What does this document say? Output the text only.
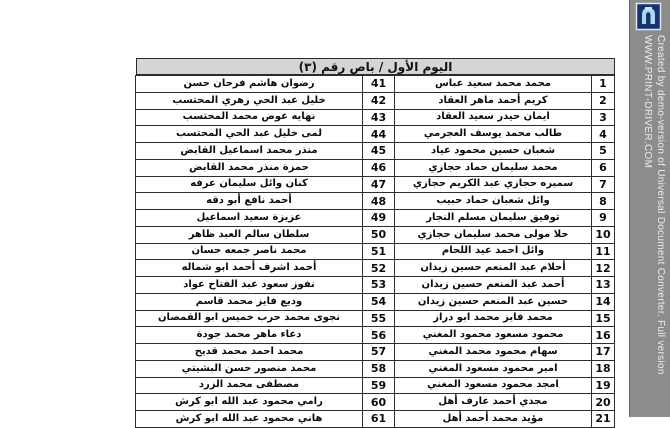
اليوم الأول / باص رقم (٣)
1	محمد محمد سعيد عباس	41	رضوان هاشم فرحان حسن
2	كريم أحمد ماهر العقاد	42	خليل عبد الحي زهري المحتسب
3	ايمان حيدر سعيد العقاد	43	نهايه عوض محمد المحتسب
4	طالب محمد يوسف العجرمي	44	لمى خليل عبد الحي المحتسب
5	شعبان حسين محمود عياد	45	منذر محمد اسماعيل القابض
6	محمد سليمان حماد حجازي	46	حمزة منذر محمد القابض
7	سميره حجازي عبد الكريم حجازي	47	كنان وائل سليمان عرفه
8	وائل شعبان حماد حبيب	48	أحمد نافع أبو دقه
9	توفيق سليمان مسلم النجار	49	عزيزة سعيد اسماعيل
10	حلا مولى محمد سليمان حجازي	50	سلطان سالم العبد ظاهر
11	وائل احمد عيد اللحام	51	محمد ناصر جمعه حسان
12	أحلام عبد المنعم حسين زيدان	52	أحمد اشرف أحمد ابو شماله
13	أحمد عبد المنعم حسين زيدان	53	نفوز سعود عبد الفتاح عواد
14	حسين عبد المنعم حسين زيدان	54	وديع فايز محمد قاسم
15	محمد فايز محمد ابو دراز	55	نجوى محمد حرب خميس ابو القمصان
16	محمود مسعود محمود المغني	56	دعاء ماهر محمد جودة
17	سهام محمود محمد المغني	57	محمد احمد محمد قديح
18	امير محمود مسعود المغني	58	محمد منصور حسن البشيتي
19	امجد محمود مسعود المغني	59	مصطفى محمد الزرد
20	مجدي أحمد عارف أهل	60	رامي محمود عبد الله ابو كرش
21	مؤيد محمد أحمد أهل	61	هاني محمود عبد الله ابو كرش
Created by demo-version of Universal Document Converter. Full version
WWW.PRINT-DRIVER.COM
